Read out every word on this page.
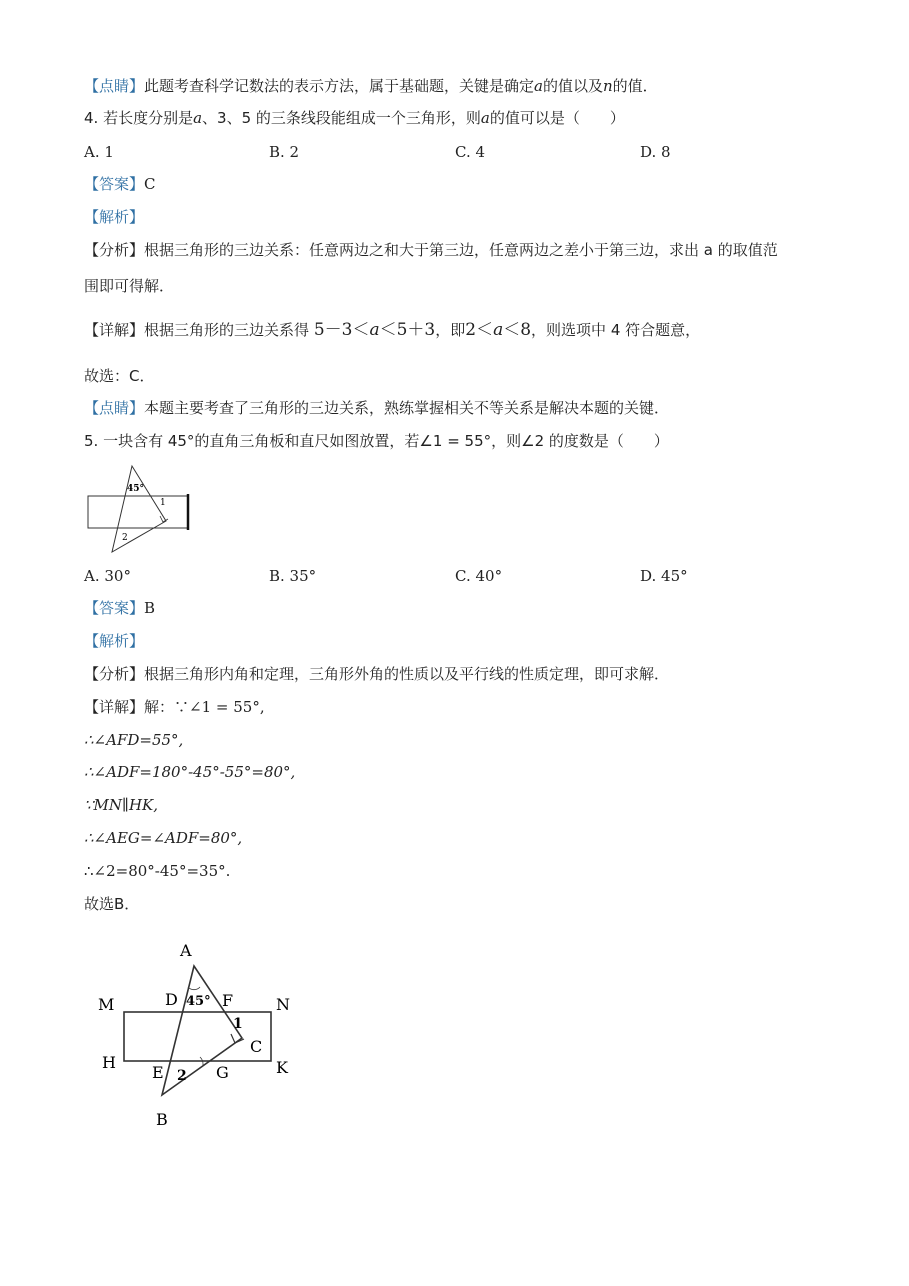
【点睛】此题考查科学记数法的表示方法，属于基础题，关键是确定a的值以及n的值．
4. 若长度分别是a、3、5 的三条线段能组成一个三角形，则a的值可以是（　　）
A. 1	B. 2	C. 4	D. 8
【答案】C
【解析】
【分析】根据三角形的三边关系：任意两边之和大于第三边，任意两边之差小于第三边，求出 a 的取值范
围即可得解．
【详解】根据三角形的三边关系得 5－3＜a＜5＋3，即2＜a＜8，则选项中 4 符合题意，
故选：C．
【点睛】本题主要考查了三角形的三边关系，熟练掌握相关不等关系是解决本题的关键．
5. 一块含有 45°的直角三角板和直尺如图放置，若∠1 = 55°，则∠2 的度数是（　　）
45°
1
2
A. 30°	B. 35°	C. 40°	D. 45°
【答案】B
【解析】
【分析】根据三角形内角和定理，三角形外角的性质以及平行线的性质定理，即可求解．
【详解】解：∵∠1 = 55°,
∴∠AFD=55°,
∴∠ADF=180°-45°-55°=80°,
∵MN∥HK,
∴∠AEG=∠ADF=80°,
∴∠2=80°-45°=35°.
故选B．
A
B
C
D
E
F
G
M	N
H	K
45°
1
2
